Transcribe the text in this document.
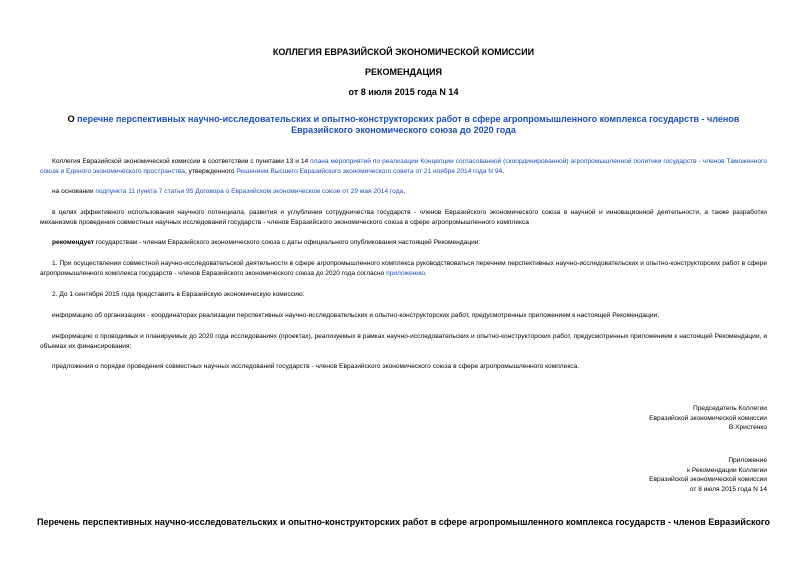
КОЛЛЕГИЯ ЕВРАЗИЙСКОЙ ЭКОНОМИЧЕСКОЙ КОМИССИИ
РЕКОМЕНДАЦИЯ
от 8 июля 2015 года N 14
О перечне перспективных научно-исследовательских и опытно-конструкторских работ в сфере агропромышленного комплекса государств - членов Евразийского экономического союза до 2020 года
Коллегия Евразийской экономической комиссии в соответствии с пунктами 13 и 14 плана мероприятий по реализации Концепции согласованной (скоординированной) агропромышленной политики государств - членов Таможенного союза и Единого экономического пространства, утвержденного Решением Высшего Евразийского экономического совета от 21 ноября 2014 года N 94,
на основании подпункта 11 пункта 7 статьи 95 Договора о Евразийском экономическом союзе от 29 мая 2014 года,
в целях эффективного использования научного потенциала, развития и углубления сотрудничества государств - членов Евразийского экономического союза в научной и инновационной деятельности, а также разработки механизмов проведения совместных научных исследований государств - членов Евразийского экономического союза в сфере агропромышленного комплекса
рекомендует государствам - членам Евразийского экономического союза с даты официального опубликования настоящей Рекомендации:
1. При осуществлении совместной научно-исследовательской деятельности в сфере агропромышленного комплекса руководствоваться перечнем перспективных научно-исследовательских и опытно-конструкторских работ в сфере агропромышленного комплекса государств - членов Евразийского экономического союза до 2020 года согласно приложению.
2. До 1 сентября 2015 года представить в Евразийскую экономическую комиссию:
информацию об организациях - координаторах реализации перспективных научно-исследовательских и опытно-конструкторских работ, предусмотренных приложением к настоящей Рекомендации;
информацию о проводимых и планируемых до 2020 года исследованиях (проектах), реализуемых в рамках научно-исследовательских и опытно-конструкторских работ, предусмотренных приложением к настоящей Рекомендации, и объемах их финансирования;
предложения о порядке проведения совместных научных исследований государств - членов Евразийского экономического союза в сфере агропромышленного комплекса.
Председатель Коллегии
Евразийской экономической комиссии
В.Христенко
Приложение
к Рекомендации Коллегии
Евразийской экономической комиссии
от 8 июля 2015 года N 14
Перечень перспективных научно-исследовательских и опытно-конструкторских работ в сфере агропромышленного комплекса государств - членов Евразийского
